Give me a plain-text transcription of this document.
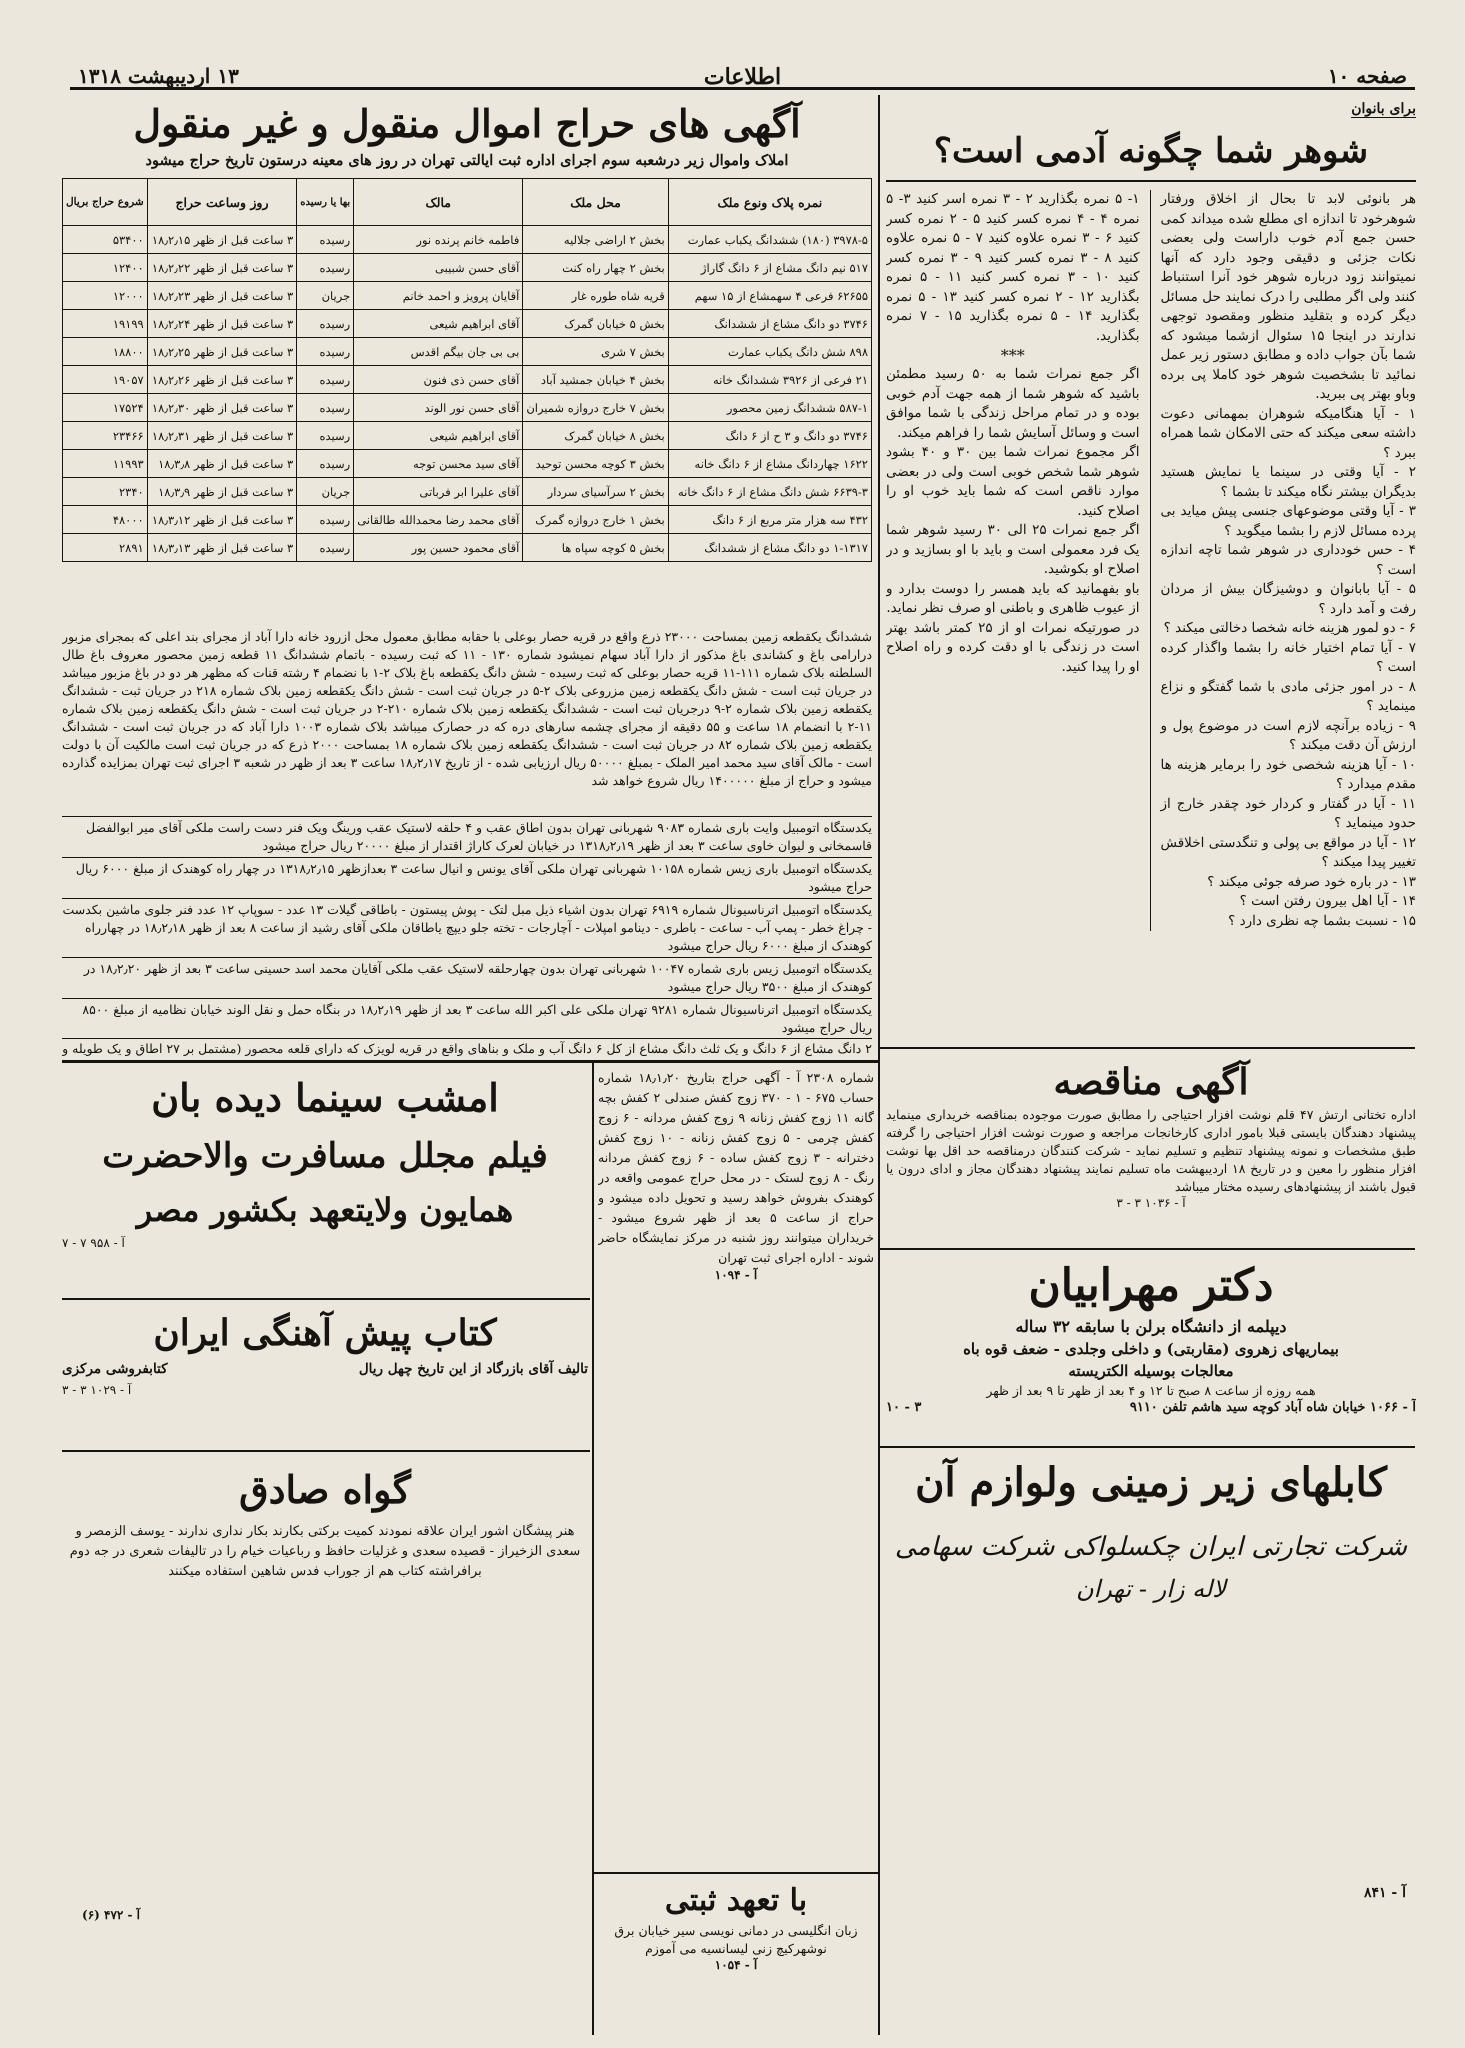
صفحه ۱۰
اطلاعات
۱۳ اردیبهشت ۱۳۱۸
برای بانوان
شوهر شما چگونه آدمی است؟
هر بانوئی لابد تا بحال از اخلاق ورفتار شوهرخود تا اندازه ای مطلع شده میداند کمی حسن جمع آدم خوب داراست ولی بعضی نکات جزئی و دقیقی وجود دارد که آنها نمیتوانند زود درباره شوهر خود آنرا استنباط کنند ولی اگر مطلبی را درک نمایند حل مسائل دیگر کرده و بتقلید منظور ومقصود توجهی ندارند در اینجا ۱۵ سئوال ازشما میشود که شما بآن جواب داده و مطابق دستور زیر عمل نمائید تا بشخصیت شوهر خود کاملا پی برده وباو بهتر پی ببرید.
۱ - آیا هنگامیکه شوهران بمهمانی دعوت داشته سعی میکند که حتی الامکان شما همراه ببرد ؟
۲ - آیا وقتی در سینما یا نمایش هستید بدیگران بیشتر نگاه میکند تا بشما ؟
۳ - آیا وقتی موضوعهای جنسی پیش میاید بی پرده مسائل لازم را بشما میگوید ؟
۴ - حس خودداری در شوهر شما تاچه اندازه است ؟
۵ - آیا بابانوان و دوشیزگان بیش از مردان رفت و آمد دارد ؟
۶ - دو لمور هزینه خانه شخصا دخالتی میکند ؟
۷ - آیا تمام اختیار خانه را بشما واگذار کرده است ؟
۸ - در امور جزئی مادی با شما گفتگو و نزاع مینماید ؟
۹ - زیاده برآنچه لازم است در موضوع پول و ارزش آن دقت میکند ؟
۱۰ - آیا هزینه شخصی خود را برمایر هزینه ها مقدم میدارد ؟
۱۱ - آیا در گفتار و کردار خود چقدر خارج از حدود مینماید ؟
۱۲ - آیا در مواقع بی پولی و تنگدستی اخلاقش تغییر پیدا میکند ؟
۱۳ - در باره خود صرفه جوئی میکند ؟
۱۴ - آیا اهل بیرون رفتن است ؟
۱۵ - نسبت بشما چه نظری دارد ؟
۱- ۵ نمره بگذارید ۲ - ۳ نمره اسر کنید ۳- ۵ نمره ۴ - ۴ نمره کسر کنید ۵ - ۲ نمره کسر کنید ۶ - ۳ نمره علاوه کنید ۷ - ۵ نمره علاوه کنید ۸ - ۳ نمره کسر کنید ۹ - ۳ نمره کسر کنید ۱۰ - ۳ نمره کسر کنید ۱۱ - ۵ نمره بگذارید ۱۲ - ۲ نمره کسر کنید ۱۳ - ۵ نمره بگذارید ۱۴ - ۵ نمره بگذارید ۱۵ - ۷ نمره بگذارید.
***
اگر جمع نمرات شما به ۵۰ رسید مطمئن باشید که شوهر شما از همه جهت آدم خوبی بوده و در تمام مراحل زندگی با شما موافق است و وسائل آسایش شما را فراهم میکند.
اگر مجموع نمرات شما بین ۳۰ و ۴۰ بشود شوهر شما شخص خوبی است ولی در بعضی موارد ناقص است که شما باید خوب او را اصلاح کنید.
اگر جمع نمرات ۲۵ الی ۳۰ رسید شوهر شما یک فرد معمولی است و باید با او بسازید و در اصلاح او بکوشید.
باو بفهمانید که باید همسر را دوست بدارد و از عیوب ظاهری و باطنی او صرف نظر نماید.
در صورتیکه نمرات او از ۲۵ کمتر باشد بهتر است در زندگی با او دقت کرده و راه اصلاح او را پیدا کنید.
آگهی مناقصه
اداره تختانی ارتش ۴۷ قلم نوشت افزار احتیاجی را مطابق صورت موجوده بمناقصه خریداری مینماید پیشنهاد دهندگان بایستی قبلا بامور اداری کارخانجات مراجعه و صورت نوشت افزار احتیاجی را گرفته طبق مشخصات و نمونه پیشنهاد تنظیم و تسلیم نماید - شرکت کنندگان درمناقصه حد اقل بها نوشت افزار منظور را معین و در تاریخ ۱۸ اردیبهشت ماه تسلیم نمایند پیشنهاد دهندگان مجاز و ادای درون یا قبول باشند از پیشنهادهای رسیده مختار میباشد
آ - ۱۰۳۶ ۳ - ۳
دکتر مهرابیان
دیپلمه از دانشگاه برلن با سابقه ۳۲ ساله
بیماریهای زهروی (مقاربتی) و داخلی وجلدی - ضعف قوه باه
معالجات بوسیله الکتریسته
همه روزه از ساعت ۸ صبح تا ۱۲ و ۴ بعد از ظهر تا ۹ بعد از ظهر
آ - ۱۰۶۶ خیابان شاه آباد کوچه سید هاشم تلفن ۹۱۱۰
۳ - ۱۰
کابلهای زیر زمینی ولوازم آن
شرکت تجارتی ایران چکسلواکی شرکت سهامی
لاله زار - تهران
آ - ۸۴۱
آگهی های حراج اموال منقول و غیر منقول
املاک واموال زیر درشعبه سوم اجرای اداره ثبت ایالتی تهران در روز های معینه درستون تاریخ حراج میشود
نمره پلاک ونوع ملک	محل ملک	مالک	بها یا رسیده	روز وساعت حراج	شروع حراج بریال
۳۹۷۸-۵ (۱۸۰) ششدانگ یکباب عمارت	بخش ۲ اراضی جلالیه	فاطمه خانم پرنده نور	رسیده	۳ ساعت قبل از ظهر ۱۸٫۲٫۱۵	۵۳۴۰۰
۵۱۷ نیم دانگ مشاع از ۶ دانگ گاراژ	بخش ۲ چهار راه کنت	آقای حسن شبیبی	رسیده	۳ ساعت قبل از ظهر ۱۸٫۲٫۲۲	۱۲۴۰۰
۶۲۶۵۵ فرعی ۴ سهمشاع از ۱۵ سهم	قریه شاه طوره غار	آقایان پرویز و احمد خانم	جریان	۳ ساعت قبل از ظهر ۱۸٫۲٫۲۳	۱۲۰۰۰
۳۷۴۶ دو دانگ مشاع از ششدانگ	بخش ۵ خیابان گمرک	آقای ابراهیم شیعی	رسیده	۳ ساعت قبل از ظهر ۱۸٫۲٫۲۴	۱۹۱۹۹
۸۹۸ شش دانگ یکباب عمارت	بخش ۷ شری	بی بی جان بیگم اقدس	رسیده	۳ ساعت قبل از ظهر ۱۸٫۲٫۲۵	۱۸۸۰۰
۲۱ فرعی از ۳۹۲۶ ششدانگ خانه	بخش ۴ خیابان جمشید آباد	آقای حسن ذی فنون	رسیده	۳ ساعت قبل از ظهر ۱۸٫۲٫۲۶	۱۹۰۵۷
۵۸۷-۱ ششدانگ زمین محصور	بخش ۷ خارج دروازه شمیران	آقای حسن نور الوند	رسیده	۳ ساعت قبل از ظهر ۱۸٫۲٫۳۰	۱۷۵۲۴
۳۷۴۶ دو دانگ و ۳ ح از ۶ دانگ	بخش ۸ خیابان گمرک	آقای ابراهیم شیعی	رسیده	۳ ساعت قبل از ظهر ۱۸٫۲٫۳۱	۲۳۴۶۶
۱۶۲۲ چهاردانگ مشاع از ۶ دانگ خانه	بخش ۳ کوچه محسن توحید	آقای سید محسن توجه	رسیده	۳ ساعت قبل از ظهر ۱۸٫۳٫۸	۱۱۹۹۳
۶۶۳۹-۳ شش دانگ مشاع از ۶ دانگ خانه	بخش ۲ سرآسیای سردار	آقای علیرا ابر فرباتی	جریان	۳ ساعت قبل از ظهر ۱۸٫۳٫۹	۲۳۴۰
۴۳۲ سه هزار متر مربع از ۶ دانگ	بخش ۱ خارج دروازه گمرک	آقای محمد رضا محمدالله طالقانی	رسیده	۳ ساعت قبل از ظهر ۱۸٫۳٫۱۲	۴۸۰۰۰
۱-۱۳۱۷ دو دانگ مشاع از ششدانگ	بخش ۵ کوچه سپاه ها	آقای محمود حسین پور	رسیده	۳ ساعت قبل از ظهر ۱۸٫۳٫۱۳	۲۸۹۱
ششدانگ یکقطعه زمین بمساحت ۲۳۰۰۰ ذرع واقع در قریه حصار بوعلی با حقابه مطابق معمول محل ازرود خانه دارا آباد از مجرای بند اعلی که بمجرای مزبور درارامی باغ و کشاندی باغ مذکور از دارا آباد سهام نمیشود شماره ۱۳۰ - ۱۱ که ثبت رسیده - باتمام ششدانگ ۱۱ قطعه زمین محصور معروف باغ طال السلطنه بلاک شماره ۱۱۱-۱۱ قریه حصار بوعلی که ثبت رسیده - شش دانگ یکقطعه باغ بلاک ۲-۱ با نضمام ۴ رشته قنات که مظهر هر دو در باغ مزبور میباشد در جریان ثبت است - شش دانگ یکقطعه زمین مزروعی بلاک ۲-۵ در جریان ثبت است - شش دانگ یکقطعه زمین بلاک شماره ۲۱۸ در جریان ثبت - ششدانگ یکقطعه زمین بلاک شماره ۲-۹ درجریان ثبت است - ششدانگ یکقطعه زمین بلاک شماره ۲۱۰-۲ در جریان ثبت است - شش دانگ یکقطعه زمین بلاک شماره ۱۱-۲ با انضمام ۱۸ ساعت و ۵۵ دقیقه از مجرای چشمه سارهای دره که در حصارک میباشد بلاک شماره ۱۰۰۳ دارا آباد که در جریان ثبت است - ششدانگ یکقطعه زمین بلاک شماره ۸۲ در جریان ثبت است - ششدانگ یکقطعه زمین بلاک شماره ۱۸ بمساحت ۲۰۰۰ ذرع که در جریان ثبت است مالکیت آن با دولت است - مالک آقای سید محمد امیر الملک - بمبلغ ۵۰۰۰۰ ریال ارزیابی شده - از تاریخ ۱۸٫۲٫۱۷ ساعت ۳ بعد از ظهر در شعبه ۳ اجرای ثبت تهران بمزایده گذارده میشود و حراج از مبلغ ۱۴۰۰۰۰۰ ریال شروع خواهد شد
یکدستگاه اتومبیل وایت باری شماره ۹۰۸۳ شهربانی تهران بدون اطاق عقب و ۴ حلقه لاستیک عقب ورینگ ویک فنر دست راست ملکی آقای میر ابوالفضل قاسمخانی و لیوان خاوی ساعت ۳ بعد از ظهر ۱۳۱۸٫۲٫۱۹ در خیابان لعرک کاراژ اقتدار از مبلغ ۲۰۰۰۰ ریال حراج میشود
یکدستگاه اتومبیل باری زیس شماره ۱۰۱۵۸ شهربانی تهران ملکی آقای یونس و انیال ساعت ۳ بعدازظهر ۱۳۱۸٫۲٫۱۵ در چهار راه کوهندک از مبلغ ۶۰۰۰ ریال حراج میشود
یکدستگاه اتومبیل اترناسیونال شماره ۶۹۱۹ تهران بدون اشیاء ذیل مبل لتک - پوش پیستون - باطاقی گیلات ۱۳ عدد - سوپاپ ۱۲ عدد فنر جلوی ماشین بکدست - چراغ خطر - پمپ آب - ساعت - باطری - دینامو امپلات - آچارجات - تخته جلو دیپچ یاطاقان ملکی آقای رشید از ساعت ۸ بعد از ظهر ۱۸٫۲٫۱۸ در چهارراه کوهندک از مبلغ ۶۰۰۰ ریال حراج میشود
یکدستگاه اتومبیل زیس باری شماره ۱۰۰۴۷ شهربانی تهران بدون چهارحلقه لاستیک عقب ملکی آقایان محمد اسد حسینی ساعت ۳ بعد از ظهر ۱۸٫۲٫۲۰ در کوهندک از مبلغ ۳۵۰۰ ریال حراج میشود
یکدستگاه اتومبیل اترناسیونال شماره ۹۲۸۱ تهران ملکی علی اکبر الله ساعت ۳ بعد از ظهر ۱۸٫۲٫۱۹ در بنگاه حمل و نقل الوند خیابان نظامیه از مبلغ ۸۵۰۰ ریال حراج میشود
۲ دانگ مشاع از ۶ دانگ و یک ثلث دانگ مشاع از کل ۶ دانگ آب و ملک و بناهای واقع در قریه لویزک که دارای قلعه محصور (مشتمل بر ۲۷ اطاق و یک طویله و
شماره ۲۳۰۸ آ - آگهی حراج بتاریخ ۱۸٫۱٫۲۰ شماره حساب ۶۷۵ - ۱ - ۳۷۰ زوج کفش صندلی ۲ کفش بچه گانه ۱۱ زوج کفش زنانه ۹ زوج کفش مردانه - ۶ زوج کفش چرمی - ۵ زوج کفش زنانه - ۱۰ زوج کفش دخترانه - ۳ زوج کفش ساده - ۶ زوج کفش مردانه رنگ - ۸ زوج لستک - در محل حراج عمومی واقعه در کوهندک بفروش خواهد رسید و تحویل داده میشود و حراج از ساعت ۵ بعد از ظهر شروع میشود - خریداران میتوانند روز شنبه در مرکز نمایشگاه حاضر شوند - اداره اجرای ثبت تهران
آ - ۱۰۹۴
با تعهد ثبتی
زبان انگلیسی در دمانی نویسی سیر خیابان برق نوشهرکیچ زنی لیسانسیه می آموزم
آ - ۱۰۵۴
امشب سینما دیده بان
فیلم مجلل مسافرت والاحضرت
همایون ولایتعهد بکشور مصر
آ - ۹۵۸ ۷ - ۷
کتاب پیش آهنگی ایران
تالیف آقای بازرگاد از این تاریخ چهل ریال
کتابفروشی مرکزی
آ - ۱۰۲۹ ۳ - ۳
گواه صادق
هنر پیشگان اشور ایران علاقه نمودند کمیت برکتی بکارند بکار نداری ندارند - یوسف الزمصر و سعدی الزخیراز - قصیده سعدی و غزلیات حافظ و رباعیات خیام را در تالیفات شعری در جه دوم برافراشته کتاب هم از جوراب فدس شاهین استفاده میکنند
آ - ۴۷۲ (۶)
